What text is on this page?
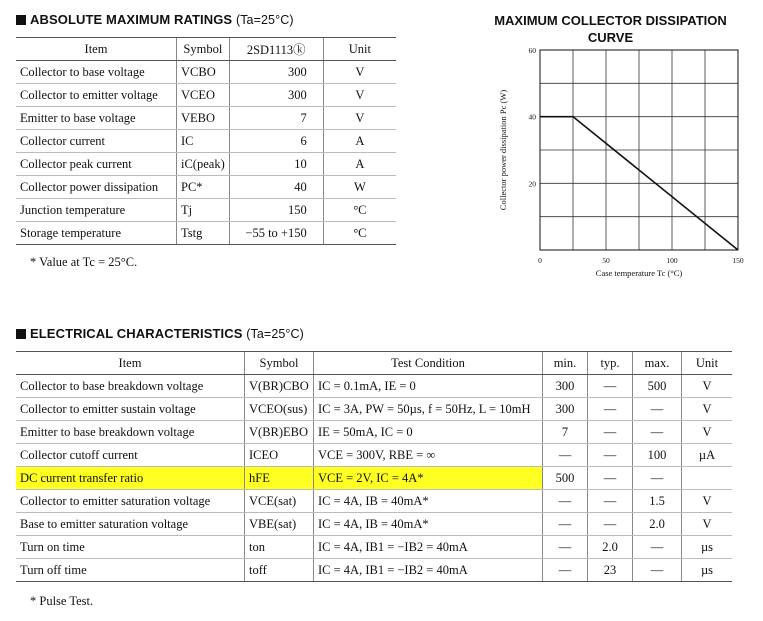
ABSOLUTE MAXIMUM RATINGS (Ta=25°C)
Item	Symbol	2SD1113ⓚ	Unit
Collector to base voltage	VCBO	300	V
Collector to emitter voltage	VCEO	300	V
Emitter to base voltage	VEBO	7	V
Collector current	IC	6	A
Collector peak current	iC(peak)	10	A
Collector power dissipation	PC*	40	W
Junction temperature	Tj	150	°C
Storage temperature	Tstg	−55 to +150	°C
* Value at Tc = 25°C.
MAXIMUM COLLECTOR DISSIPATION CURVE
0	50	100	150
20
40
60
Case temperature Tc (°C)
Collector power dissipation Pc (W)
ELECTRICAL CHARACTERISTICS (Ta=25°C)
Item	Symbol	Test Condition	min.	typ.	max.	Unit
Collector to base breakdown voltage	V(BR)CBO	IC = 0.1mA, IE = 0	300	—	500	V
Collector to emitter sustain voltage	VCEO(sus)	IC = 3A, PW = 50µs, f = 50Hz, L = 10mH	300	—	—	V
Emitter to base breakdown voltage	V(BR)EBO	IE = 50mA, IC = 0	7	—	—	V
Collector cutoff current	ICEO	VCE = 300V, RBE = ∞	—	—	100	µA
DC current transfer ratio	hFE	VCE = 2V, IC = 4A*	500	—	—	
Collector to emitter saturation voltage	VCE(sat)	IC = 4A, IB = 40mA*	—	—	1.5	V
Base to emitter saturation voltage	VBE(sat)	IC = 4A, IB = 40mA*	—	—	2.0	V
Turn on time	ton	IC = 4A, IB1 = −IB2 = 40mA	—	2.0	—	µs
Turn off time	toff	IC = 4A, IB1 = −IB2 = 40mA	—	23	—	µs
* Pulse Test.
